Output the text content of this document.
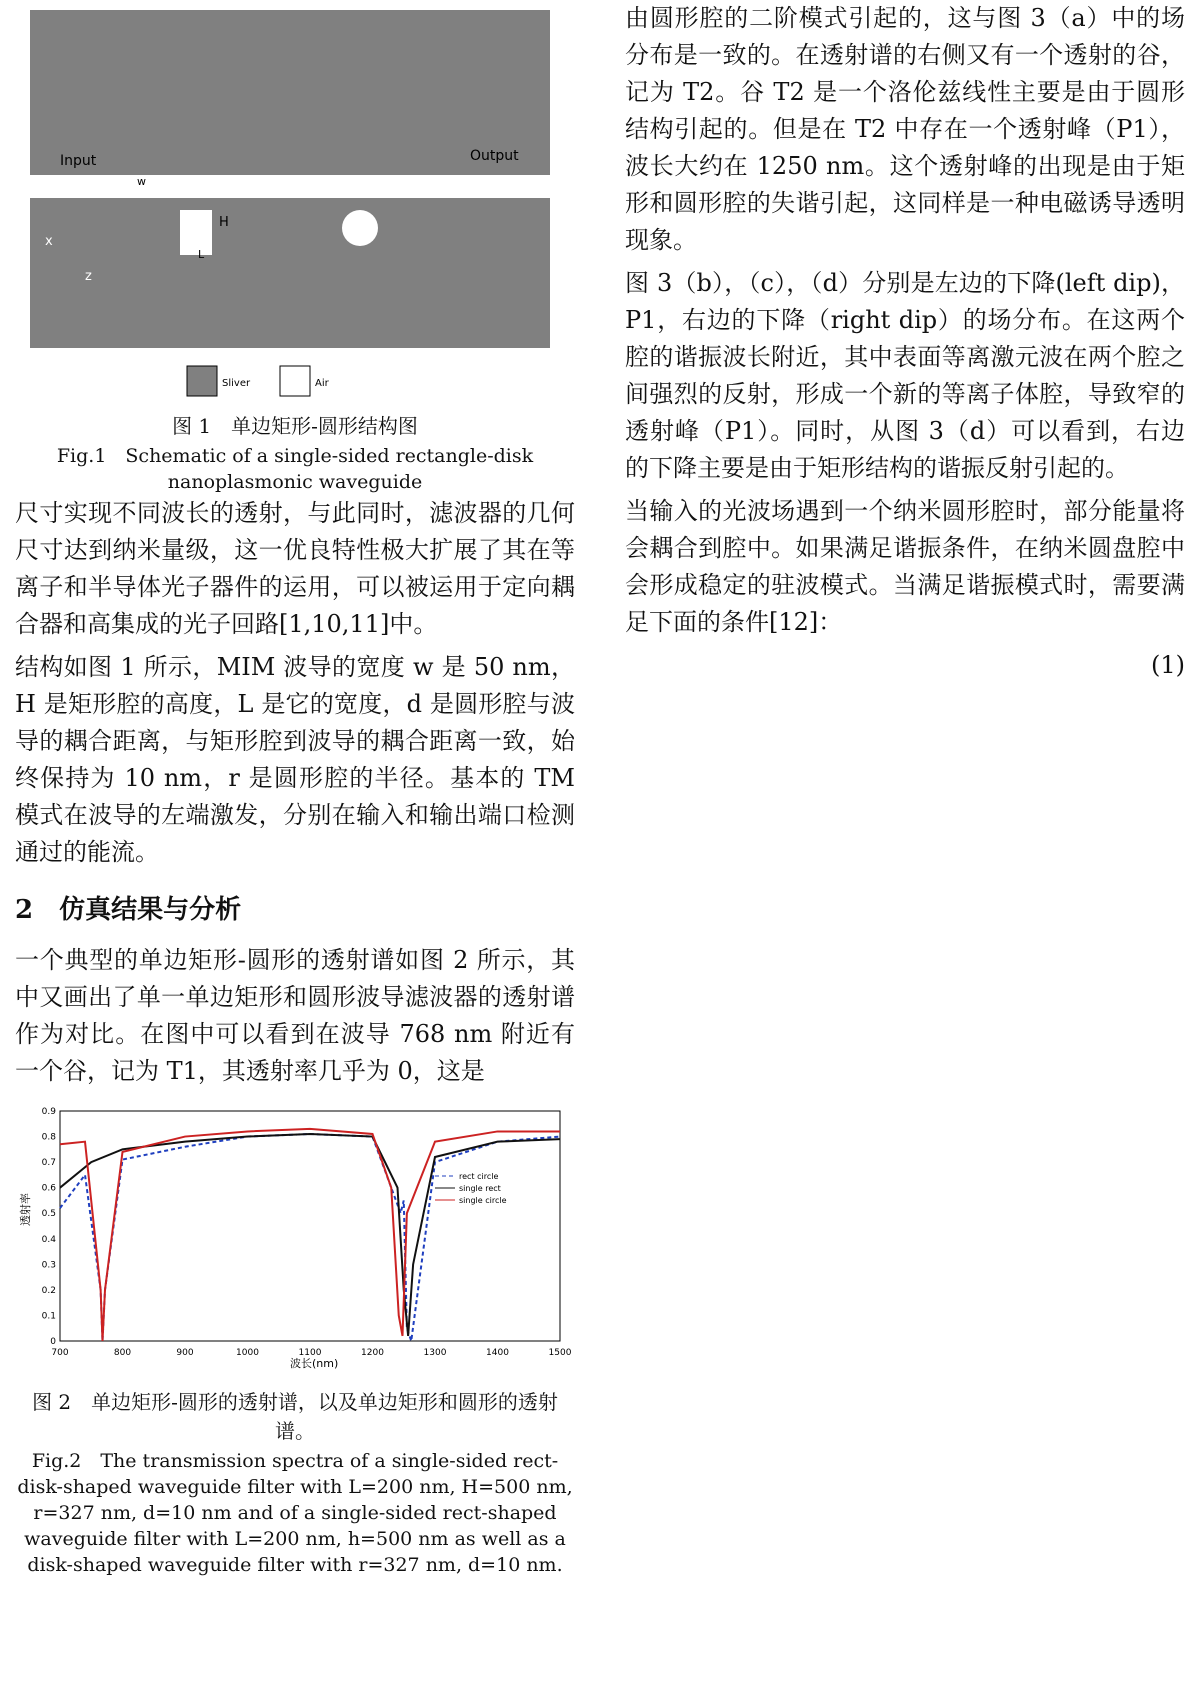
Input	Output
w
H
L
x
z
Sliver	Air
图 1　单边矩形-圆形结构图
Fig.1　Schematic of a single-sided rectangle-disk nanoplasmonic waveguide

尺寸实现不同波长的透射，与此同时，滤波器的几何尺寸达到纳米量级，这一优良特性极大扩展了其在等离子和半导体光子器件的运用，可以被运用于定向耦合器和高集成的光子回路[1,10,11]中。

结构如图 1 所示，MIM 波导的宽度 w 是 50 nm，H 是矩形腔的高度，L 是它的宽度，d 是圆形腔与波导的耦合距离，与矩形腔到波导的耦合距离一致，始终保持为 10 nm，r 是圆形腔的半径。基本的 TM 模式在波导的左端激发，分别在输入和输出端口检测通过的能流。

2　仿真结果与分析

一个典型的单边矩形-圆形的透射谱如图 2 所示，其中又画出了单一单边矩形和圆形波导滤波器的透射谱作为对比。在图中可以看到在波导 768 nm 附近有一个谷，记为 T1，其透射率几乎为 0，这是

700	800	900	1000	1100	1200	1300	1400	1500
0
0.1
0.2
0.3
0.4
0.5
0.6
0.7
0.8
0.9
波长(nm)
透射率
rect circle
single rect
single circle
图 2　单边矩形-圆形的透射谱，以及单边矩形和圆形的透射谱。
Fig.2　The transmission spectra of a single-sided rect-disk-shaped waveguide filter with L=200 nm, H=500 nm, r=327 nm, d=10 nm and of a single-sided rect-shaped waveguide filter with L=200 nm, h=500 nm as well as a disk-shaped waveguide filter with r=327 nm, d=10 nm.

由圆形腔的二阶模式引起的，这与图 3（a）中的场分布是一致的。在透射谱的右侧又有一个透射的谷，记为 T2。谷 T2 是一个洛伦兹线性主要是由于圆形结构引起的。但是在 T2 中存在一个透射峰（P1），波长大约在 1250 nm。这个透射峰的出现是由于矩形和圆形腔的失谐引起，这同样是一种电磁诱导透明现象。

图 3（b），（c），（d）分别是左边的下降(left dip)，P1，右边的下降（right dip）的场分布。在这两个腔的谐振波长附近，其中表面等离激元波在两个腔之间强烈的反射，形成一个新的等离子体腔，导致窄的透射峰（P1）。同时，从图 3（d）可以看到，右边的下降主要是由于矩形结构的谐振反射引起的。

当输入的光波场遇到一个纳米圆形腔时，部分能量将会耦合到腔中。如果满足谐振条件，在纳米圆盘腔中会形成稳定的驻波模式。当满足谐振模式时，需要满足下面的条件[12]：

(1)
